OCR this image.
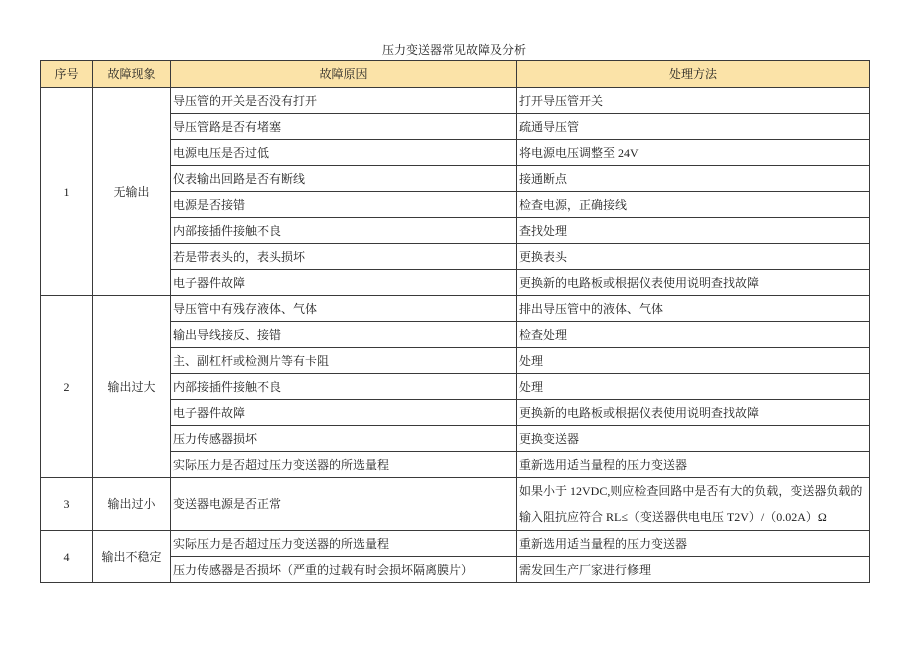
压力变送器常见故障及分析
序号	故障现象	故障原因	处理方法
1	无输出	导压管的开关是否没有打开	打开导压管开关
		导压管路是否有堵塞	疏通导压管
		电源电压是否过低	将电源电压调整至 24V
		仪表输出回路是否有断线	接通断点
		电源是否接错	检查电源，正确接线
		内部接插件接触不良	查找处理
		若是带表头的，表头损坏	更换表头
		电子器件故障	更换新的电路板或根据仪表使用说明查找故障
2	输出过大	导压管中有残存液体、气体	排出导压管中的液体、气体
		输出导线接反、接错	检查处理
		主、副杠杆或检测片等有卡阻	处理
		内部接插件接触不良	处理
		电子器件故障	更换新的电路板或根据仪表使用说明查找故障
		压力传感器损坏	更换变送器
		实际压力是否超过压力变送器的所选量程	重新选用适当量程的压力变送器
3	输出过小	变送器电源是否正常	如果小于 12VDC,则应检查回路中是否有大的负载，变送器负载的
输入阻抗应符合 RL≤（变送器供电电压 T2V）/（0.02A）Ω

4	输出不稳定	实际压力是否超过压力变送器的所选量程	重新选用适当量程的压力变送器
		压力传感器是否损坏（严重的过载有时会损坏隔离膜片）	需发回生产厂家进行修理
